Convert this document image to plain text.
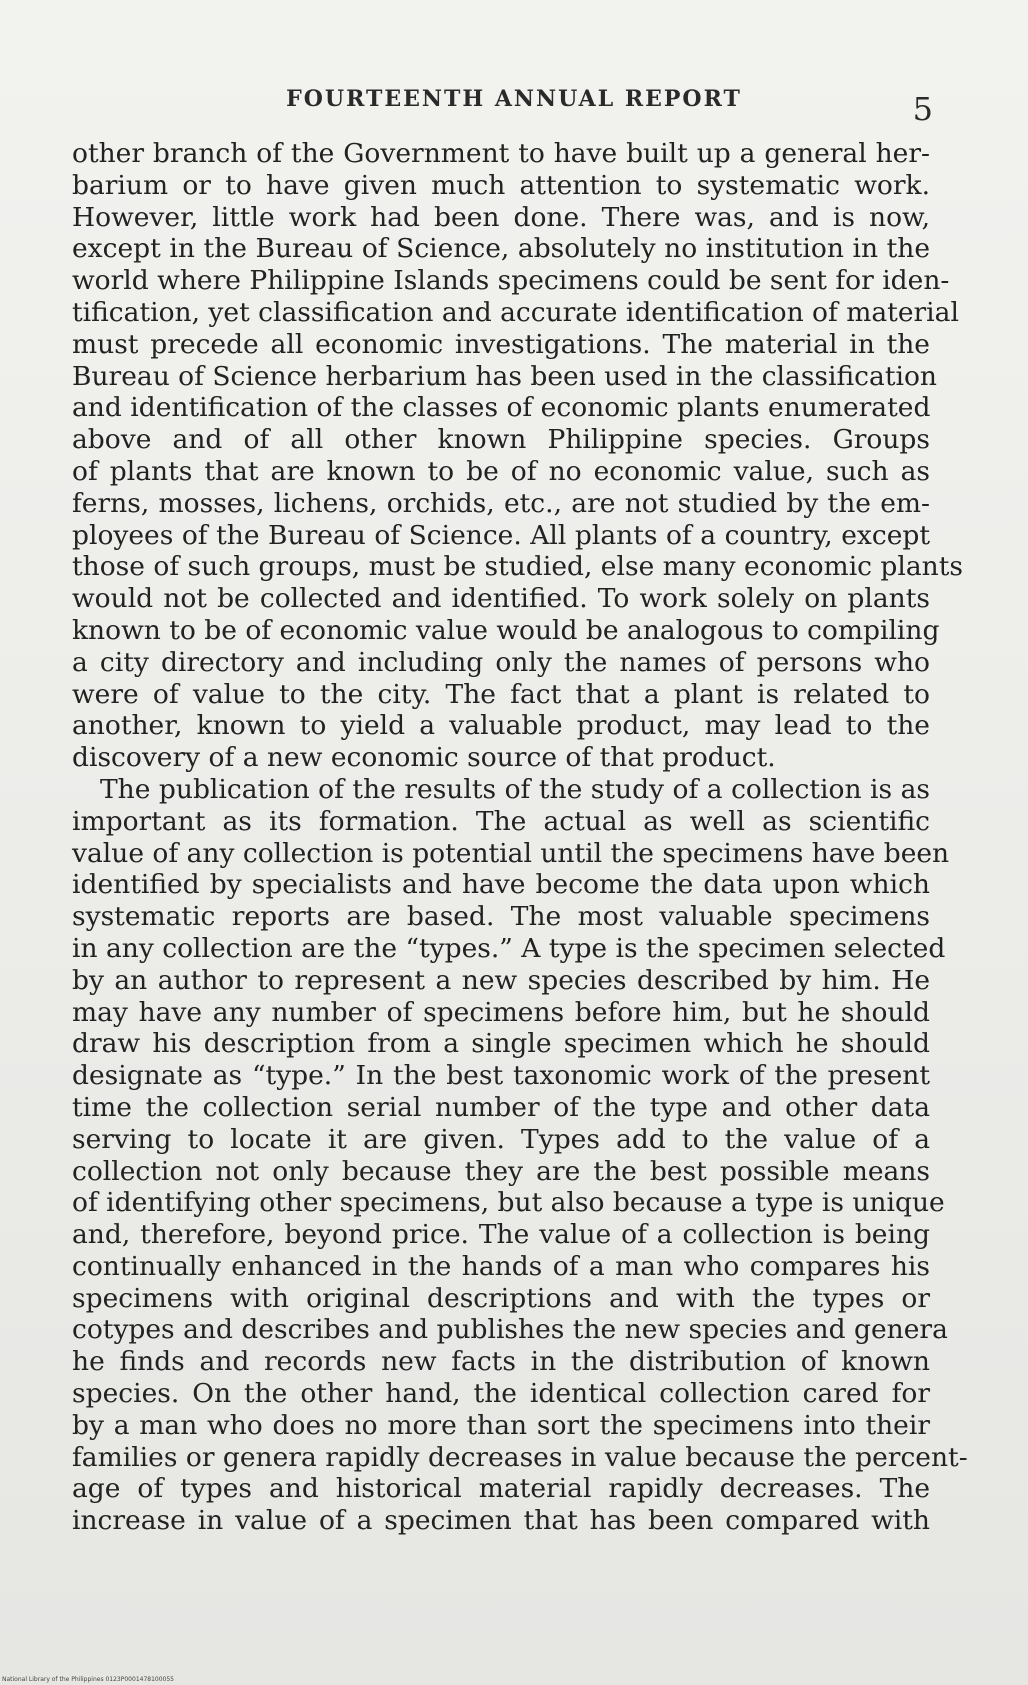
FOURTEENTH ANNUAL REPORT	5
other branch of the Government to have built up a general her-
barium or to have given much attention to systematic work.
However, little work had been done. There was, and is now,
except in the Bureau of Science, absolutely no institution in the
world where Philippine Islands specimens could be sent for iden-
tification, yet classification and accurate identification of material
must precede all economic investigations. The material in the
Bureau of Science herbarium has been used in the classification
and identification of the classes of economic plants enumerated
above and of all other known Philippine species. Groups
of plants that are known to be of no economic value, such as
ferns, mosses, lichens, orchids, etc., are not studied by the em-
ployees of the Bureau of Science. All plants of a country, except
those of such groups, must be studied, else many economic plants
would not be collected and identified. To work solely on plants
known to be of economic value would be analogous to compiling
a city directory and including only the names of persons who
were of value to the city. The fact that a plant is related to
another, known to yield a valuable product, may lead to the
discovery of a new economic source of that product.
The publication of the results of the study of a collection is as
important as its formation. The actual as well as scientific
value of any collection is potential until the specimens have been
identified by specialists and have become the data upon which
systematic reports are based. The most valuable specimens
in any collection are the “types.” A type is the specimen selected
by an author to represent a new species described by him. He
may have any number of specimens before him, but he should
draw his description from a single specimen which he should
designate as “type.” In the best taxonomic work of the present
time the collection serial number of the type and other data
serving to locate it are given. Types add to the value of a
collection not only because they are the best possible means
of identifying other specimens, but also because a type is unique
and, therefore, beyond price. The value of a collection is being
continually enhanced in the hands of a man who compares his
specimens with original descriptions and with the types or
cotypes and describes and publishes the new species and genera
he finds and records new facts in the distribution of known
species. On the other hand, the identical collection cared for
by a man who does no more than sort the specimens into their
families or genera rapidly decreases in value because the percent-
age of types and historical material rapidly decreases. The
increase in value of a specimen that has been compared with
National Library of the Philippines 0123P0001478100055
